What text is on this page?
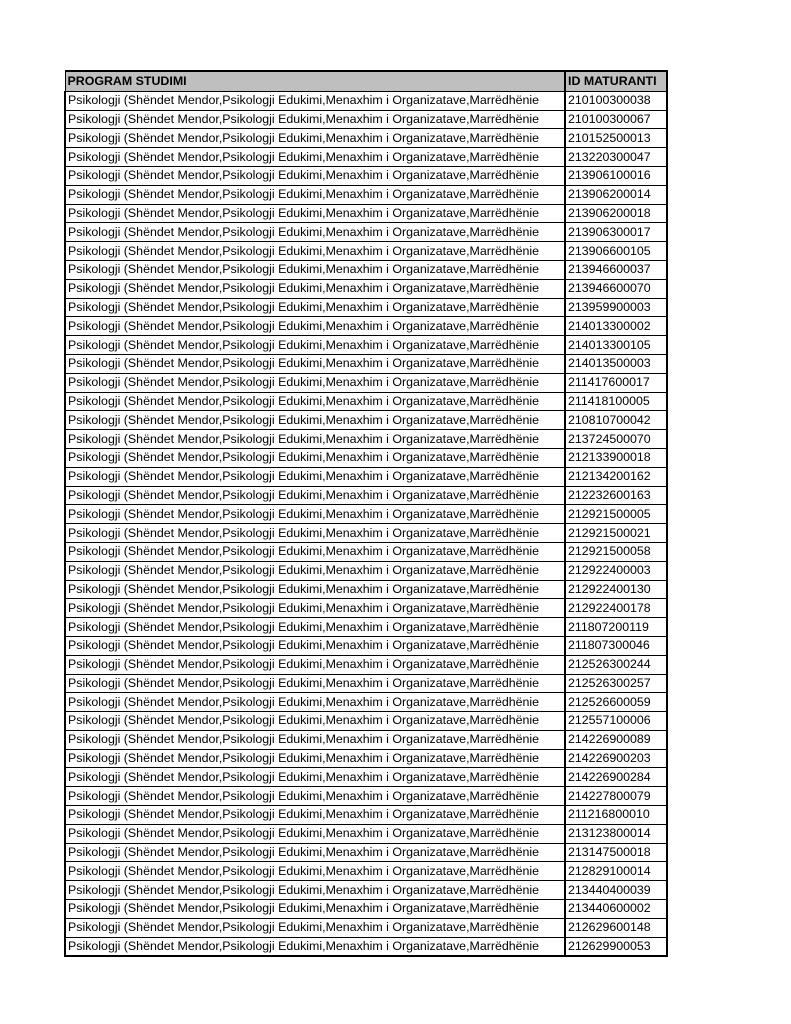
PROGRAM STUDIMI	ID MATURANTI
Psikologji (Shëndet Mendor,Psikologji Edukimi,Menaxhim i Organizatave,Marrëdhënie	210100300038
Psikologji (Shëndet Mendor,Psikologji Edukimi,Menaxhim i Organizatave,Marrëdhënie	210100300067
Psikologji (Shëndet Mendor,Psikologji Edukimi,Menaxhim i Organizatave,Marrëdhënie	210152500013
Psikologji (Shëndet Mendor,Psikologji Edukimi,Menaxhim i Organizatave,Marrëdhënie	213220300047
Psikologji (Shëndet Mendor,Psikologji Edukimi,Menaxhim i Organizatave,Marrëdhënie	213906100016
Psikologji (Shëndet Mendor,Psikologji Edukimi,Menaxhim i Organizatave,Marrëdhënie	213906200014
Psikologji (Shëndet Mendor,Psikologji Edukimi,Menaxhim i Organizatave,Marrëdhënie	213906200018
Psikologji (Shëndet Mendor,Psikologji Edukimi,Menaxhim i Organizatave,Marrëdhënie	213906300017
Psikologji (Shëndet Mendor,Psikologji Edukimi,Menaxhim i Organizatave,Marrëdhënie	213906600105
Psikologji (Shëndet Mendor,Psikologji Edukimi,Menaxhim i Organizatave,Marrëdhënie	213946600037
Psikologji (Shëndet Mendor,Psikologji Edukimi,Menaxhim i Organizatave,Marrëdhënie	213946600070
Psikologji (Shëndet Mendor,Psikologji Edukimi,Menaxhim i Organizatave,Marrëdhënie	213959900003
Psikologji (Shëndet Mendor,Psikologji Edukimi,Menaxhim i Organizatave,Marrëdhënie	214013300002
Psikologji (Shëndet Mendor,Psikologji Edukimi,Menaxhim i Organizatave,Marrëdhënie	214013300105
Psikologji (Shëndet Mendor,Psikologji Edukimi,Menaxhim i Organizatave,Marrëdhënie	214013500003
Psikologji (Shëndet Mendor,Psikologji Edukimi,Menaxhim i Organizatave,Marrëdhënie	211417600017
Psikologji (Shëndet Mendor,Psikologji Edukimi,Menaxhim i Organizatave,Marrëdhënie	211418100005
Psikologji (Shëndet Mendor,Psikologji Edukimi,Menaxhim i Organizatave,Marrëdhënie	210810700042
Psikologji (Shëndet Mendor,Psikologji Edukimi,Menaxhim i Organizatave,Marrëdhënie	213724500070
Psikologji (Shëndet Mendor,Psikologji Edukimi,Menaxhim i Organizatave,Marrëdhënie	212133900018
Psikologji (Shëndet Mendor,Psikologji Edukimi,Menaxhim i Organizatave,Marrëdhënie	212134200162
Psikologji (Shëndet Mendor,Psikologji Edukimi,Menaxhim i Organizatave,Marrëdhënie	212232600163
Psikologji (Shëndet Mendor,Psikologji Edukimi,Menaxhim i Organizatave,Marrëdhënie	212921500005
Psikologji (Shëndet Mendor,Psikologji Edukimi,Menaxhim i Organizatave,Marrëdhënie	212921500021
Psikologji (Shëndet Mendor,Psikologji Edukimi,Menaxhim i Organizatave,Marrëdhënie	212921500058
Psikologji (Shëndet Mendor,Psikologji Edukimi,Menaxhim i Organizatave,Marrëdhënie	212922400003
Psikologji (Shëndet Mendor,Psikologji Edukimi,Menaxhim i Organizatave,Marrëdhënie	212922400130
Psikologji (Shëndet Mendor,Psikologji Edukimi,Menaxhim i Organizatave,Marrëdhënie	212922400178
Psikologji (Shëndet Mendor,Psikologji Edukimi,Menaxhim i Organizatave,Marrëdhënie	211807200119
Psikologji (Shëndet Mendor,Psikologji Edukimi,Menaxhim i Organizatave,Marrëdhënie	211807300046
Psikologji (Shëndet Mendor,Psikologji Edukimi,Menaxhim i Organizatave,Marrëdhënie	212526300244
Psikologji (Shëndet Mendor,Psikologji Edukimi,Menaxhim i Organizatave,Marrëdhënie	212526300257
Psikologji (Shëndet Mendor,Psikologji Edukimi,Menaxhim i Organizatave,Marrëdhënie	212526600059
Psikologji (Shëndet Mendor,Psikologji Edukimi,Menaxhim i Organizatave,Marrëdhënie	212557100006
Psikologji (Shëndet Mendor,Psikologji Edukimi,Menaxhim i Organizatave,Marrëdhënie	214226900089
Psikologji (Shëndet Mendor,Psikologji Edukimi,Menaxhim i Organizatave,Marrëdhënie	214226900203
Psikologji (Shëndet Mendor,Psikologji Edukimi,Menaxhim i Organizatave,Marrëdhënie	214226900284
Psikologji (Shëndet Mendor,Psikologji Edukimi,Menaxhim i Organizatave,Marrëdhënie	214227800079
Psikologji (Shëndet Mendor,Psikologji Edukimi,Menaxhim i Organizatave,Marrëdhënie	211216800010
Psikologji (Shëndet Mendor,Psikologji Edukimi,Menaxhim i Organizatave,Marrëdhënie	213123800014
Psikologji (Shëndet Mendor,Psikologji Edukimi,Menaxhim i Organizatave,Marrëdhënie	213147500018
Psikologji (Shëndet Mendor,Psikologji Edukimi,Menaxhim i Organizatave,Marrëdhënie	212829100014
Psikologji (Shëndet Mendor,Psikologji Edukimi,Menaxhim i Organizatave,Marrëdhënie	213440400039
Psikologji (Shëndet Mendor,Psikologji Edukimi,Menaxhim i Organizatave,Marrëdhënie	213440600002
Psikologji (Shëndet Mendor,Psikologji Edukimi,Menaxhim i Organizatave,Marrëdhënie	212629600148
Psikologji (Shëndet Mendor,Psikologji Edukimi,Menaxhim i Organizatave,Marrëdhënie	212629900053
